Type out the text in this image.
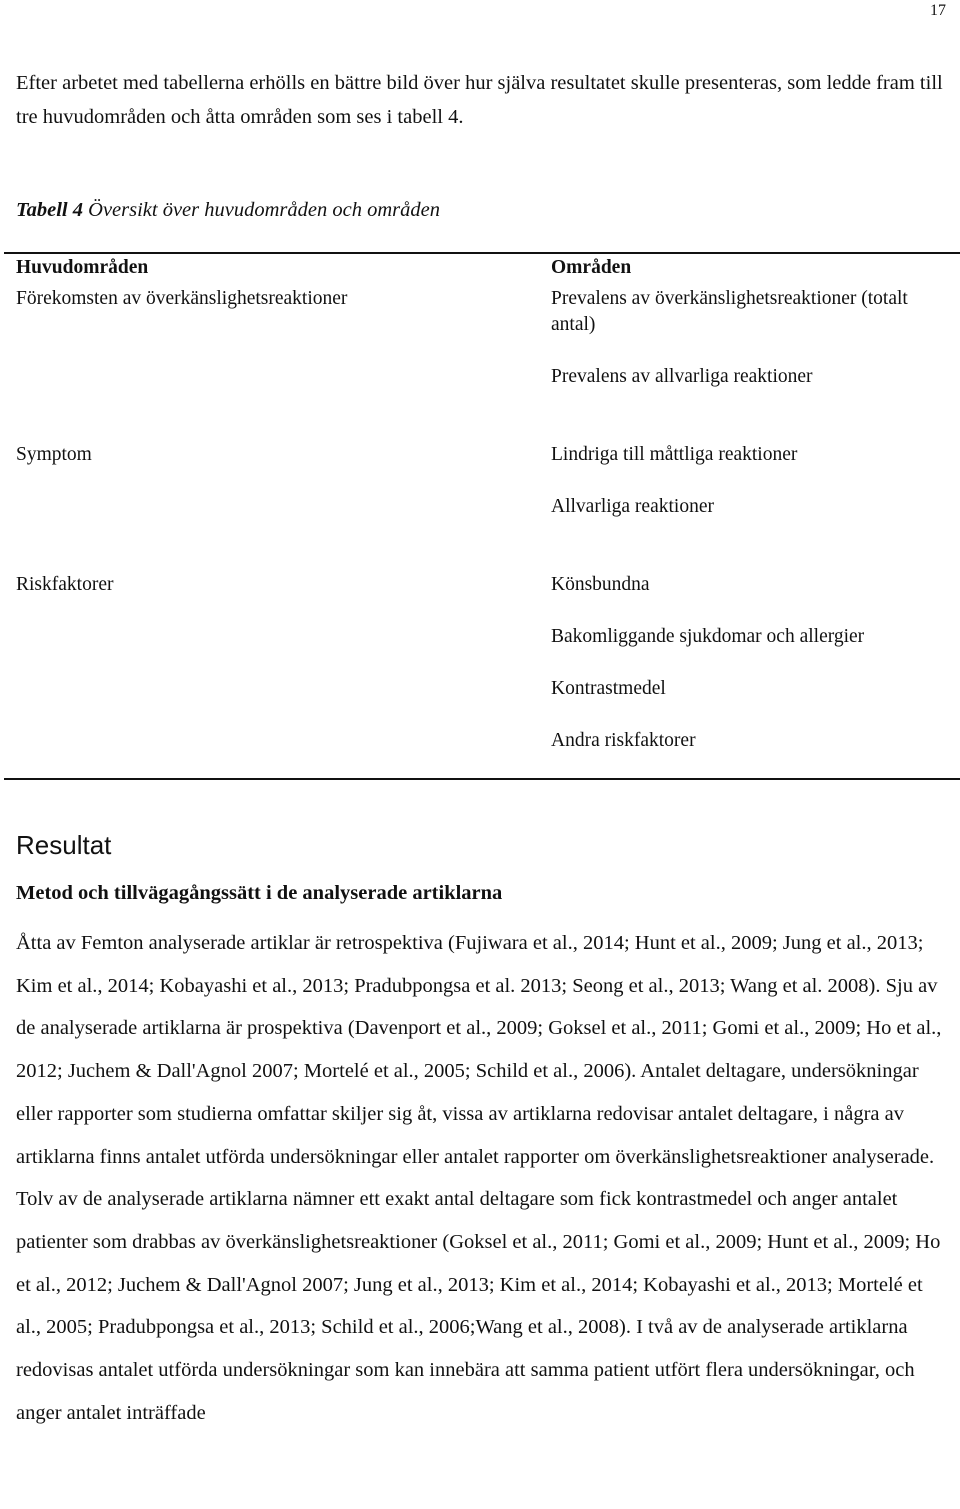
17

Efter arbetet med tabellerna erhölls en bättre bild över hur själva resultatet skulle presenteras, som ledde fram till tre huvudområden och åtta områden som ses i tabell 4.

Tabell 4 Översikt över huvudområden och områden

Huvudområden	Områden
Förekomsten av överkänslighetsreaktioner	Prevalens av överkänslighetsreaktioner (totalt antal)
Prevalens av allvarliga reaktioner
Symptom	Lindriga till måttliga reaktioner
Allvarliga reaktioner
Riskfaktorer	Könsbundna
Bakomliggande sjukdomar och allergier
Kontrastmedel
Andra riskfaktorer
Resultat
Metod och tillvägagångssätt i de analyserade artiklarna

Åtta av Femton analyserade artiklar är retrospektiva (Fujiwara et al., 2014; Hunt et al., 2009; Jung et al., 2013; Kim et al., 2014; Kobayashi et al., 2013; Pradubpongsa et al. 2013; Seong et al., 2013; Wang et al. 2008). Sju av de analyserade artiklarna är prospektiva (Davenport et al., 2009; Goksel et al., 2011; Gomi et al., 2009; Ho et al., 2012; Juchem & Dall'Agnol 2007; Mortelé et al., 2005; Schild et al., 2006). Antalet deltagare, undersökningar eller rapporter som studierna omfattar skiljer sig åt, vissa av artiklarna redovisar antalet deltagare, i några av artiklarna finns antalet utförda undersökningar eller antalet rapporter om överkänslighetsreaktioner analyserade. Tolv av de analyserade artiklarna nämner ett exakt antal deltagare som fick kontrastmedel och anger antalet patienter som drabbas av överkänslighetsreaktioner (Goksel et al., 2011; Gomi et al., 2009; Hunt et al., 2009; Ho et al., 2012; Juchem & Dall'Agnol 2007; Jung et al., 2013; Kim et al., 2014; Kobayashi et al., 2013; Mortelé et al., 2005; Pradubpongsa et al., 2013; Schild et al., 2006;Wang et al., 2008). I två av de analyserade artiklarna redovisas antalet utförda undersökningar som kan innebära att samma patient utfört flera undersökningar, och anger antalet inträffade
